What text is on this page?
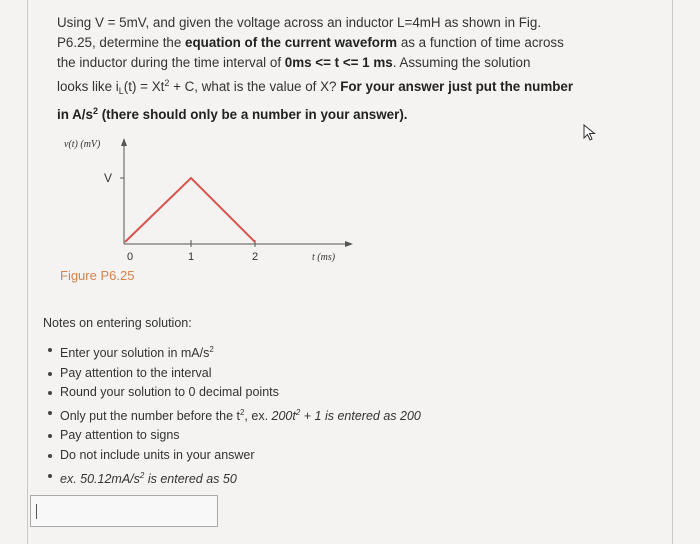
Using V = 5mV, and given the voltage across an inductor L=4mH as shown in Fig.
P6.25, determine the equation of the current waveform as a function of time across
the inductor during the time interval of 0ms <= t <= 1 ms. Assuming the solution
looks like $i_L(t) = Xt^2 + C$, what is the value of X? For your answer just put the number
in $A/s^2$ (there should only be a number in your answer).
v(t) (mV)
V
0	1	2	t (ms)
Figure P6.25
Notes on entering solution:
Enter your solution in $mA/s^2$
Pay attention to the interval
Round your solution to 0 decimal points
Only put the number before the $t^2$, ex. $200t^2 + 1$ is entered as 200
Pay attention to signs
Do not include units in your answer
ex. $50.12mA/s^2$ is entered as 50
